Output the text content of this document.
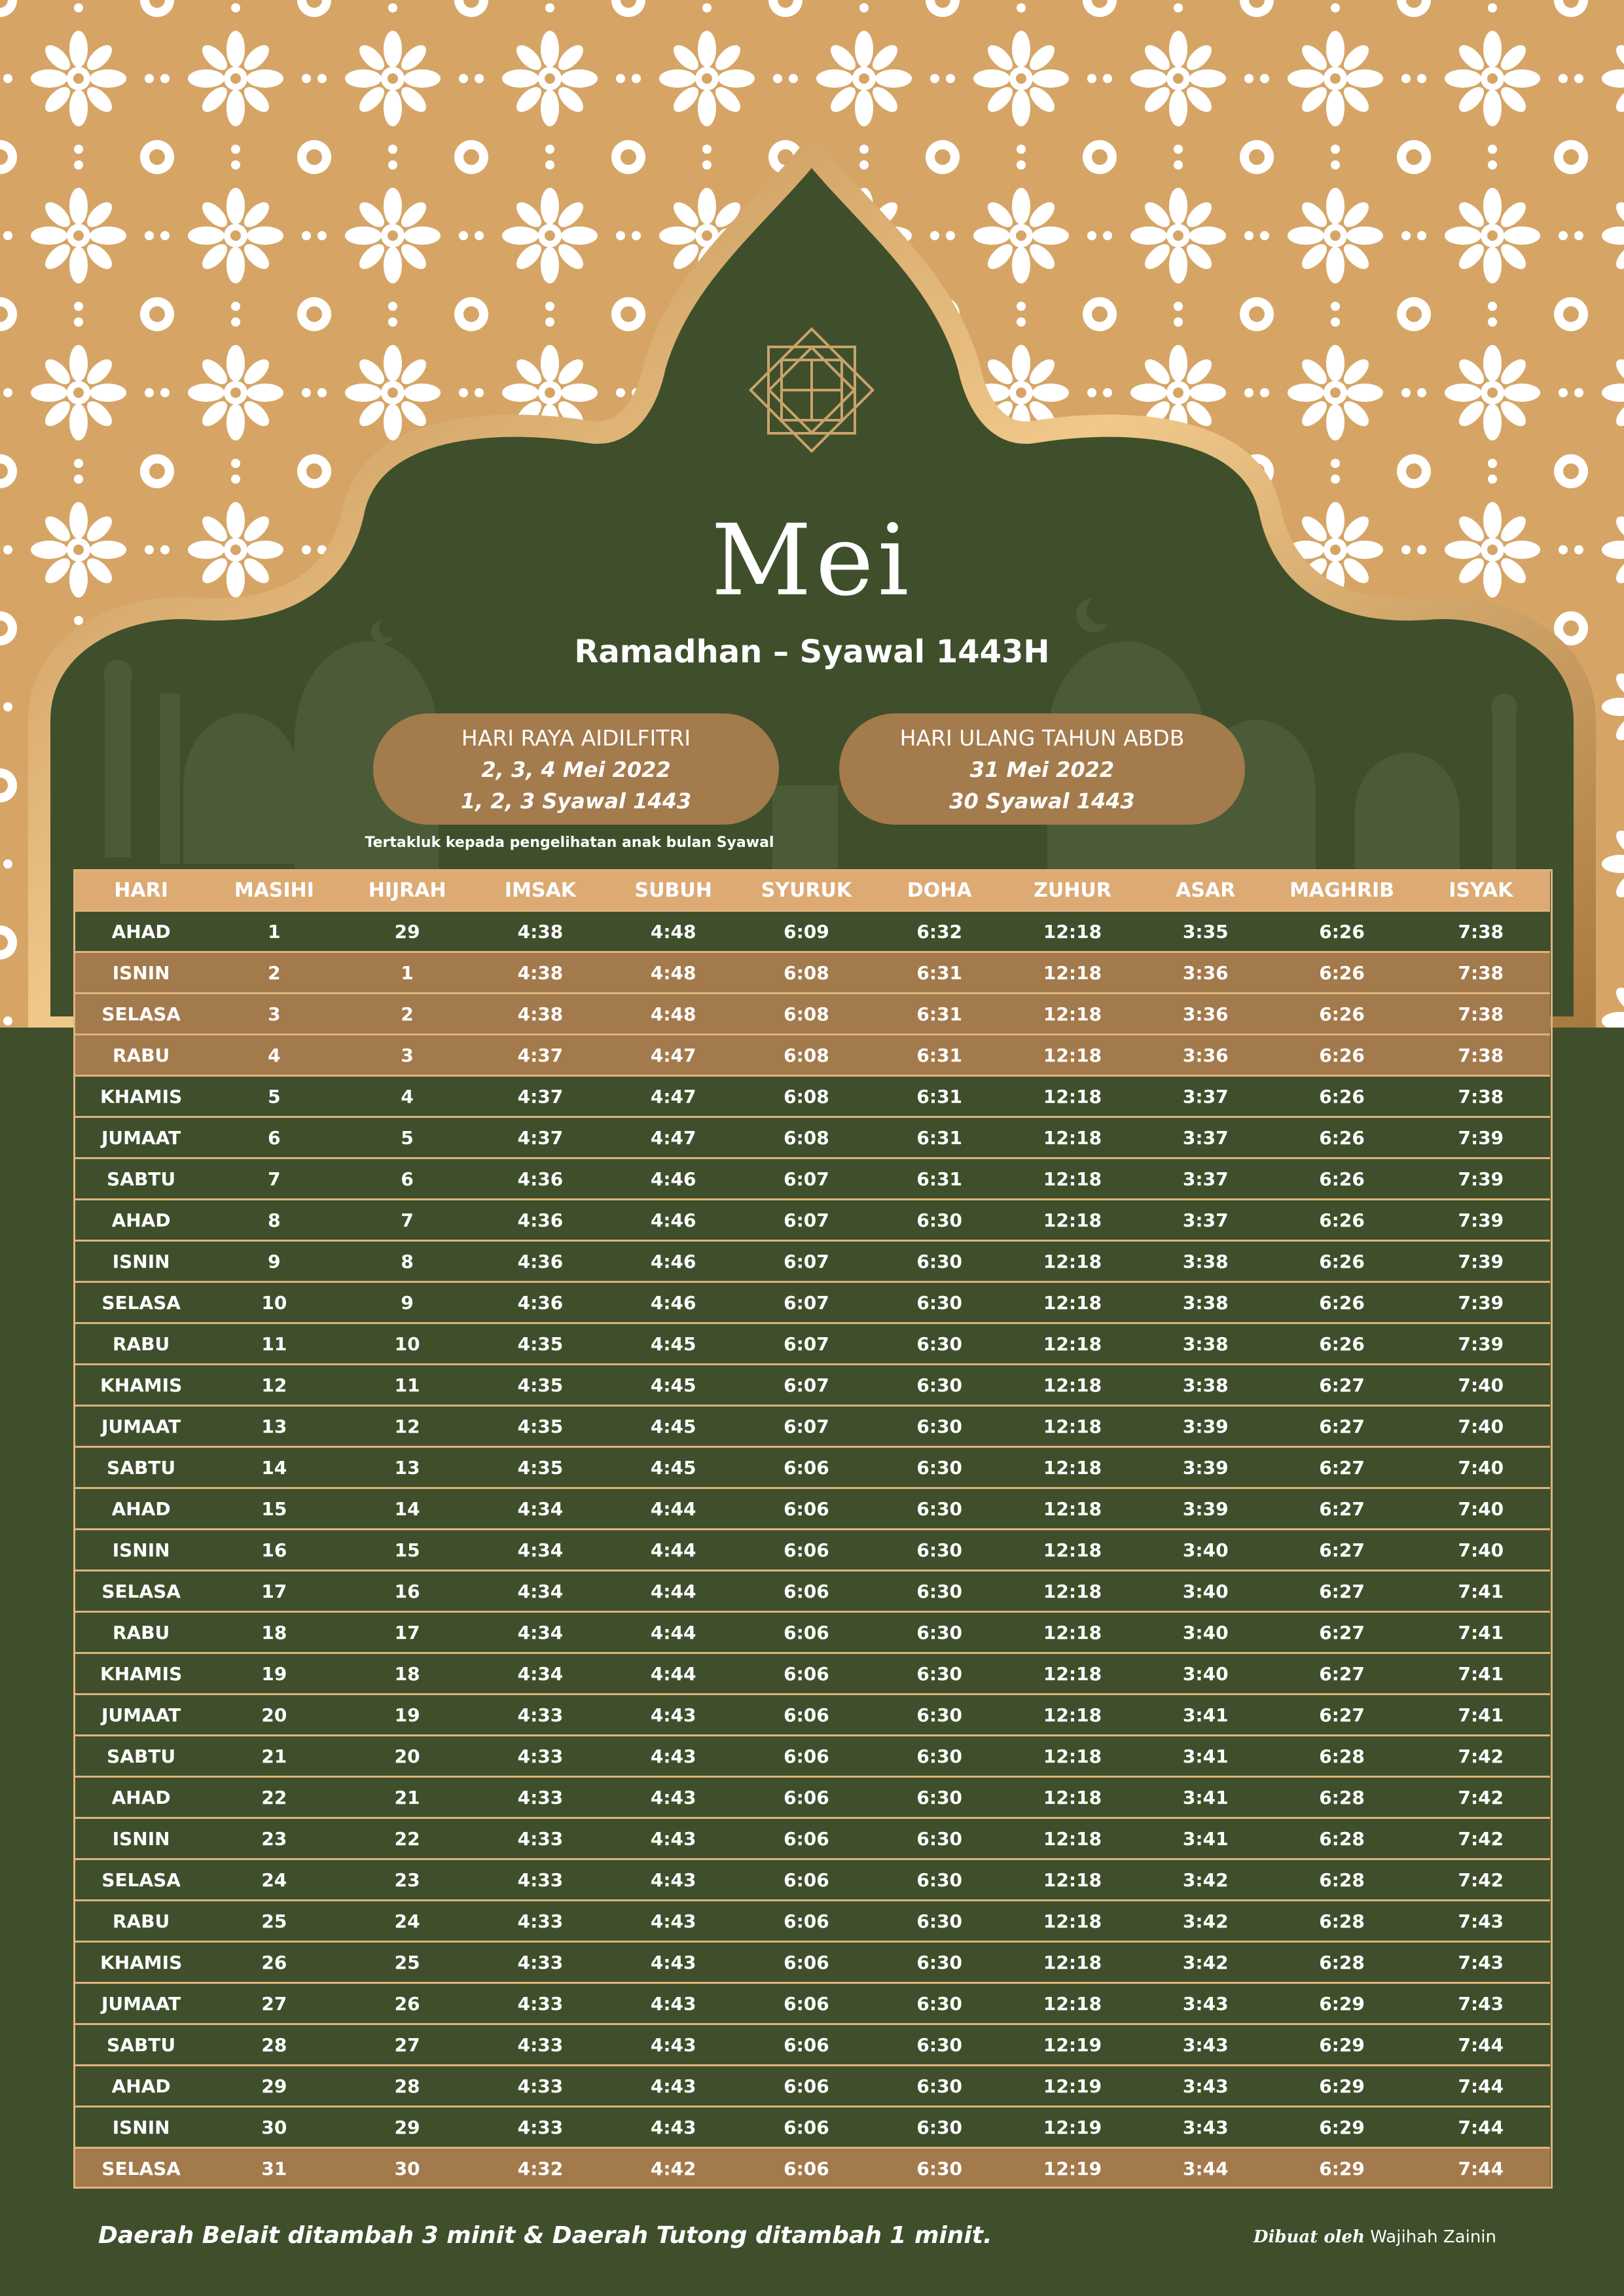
Mei
Ramadhan – Syawal 1443H
HARI RAYA AIDILFITRI
2, 3, 4 Mei 2022
1, 2, 3 Syawal 1443
HARI ULANG TAHUN ABDB
31 Mei 2022
30 Syawal 1443
Tertakluk kepada pengelihatan anak bulan Syawal
HARI	MASIHI	HIJRAH	IMSAK	SUBUH	SYURUK	DOHA	ZUHUR	ASAR	MAGHRIB	ISYAK
AHAD	1	29	4:38	4:48	6:09	6:32	12:18	3:35	6:26	7:38
ISNIN	2	1	4:38	4:48	6:08	6:31	12:18	3:36	6:26	7:38
SELASA	3	2	4:38	4:48	6:08	6:31	12:18	3:36	6:26	7:38
RABU	4	3	4:37	4:47	6:08	6:31	12:18	3:36	6:26	7:38
KHAMIS	5	4	4:37	4:47	6:08	6:31	12:18	3:37	6:26	7:38
JUMAAT	6	5	4:37	4:47	6:08	6:31	12:18	3:37	6:26	7:39
SABTU	7	6	4:36	4:46	6:07	6:31	12:18	3:37	6:26	7:39
AHAD	8	7	4:36	4:46	6:07	6:30	12:18	3:37	6:26	7:39
ISNIN	9	8	4:36	4:46	6:07	6:30	12:18	3:38	6:26	7:39
SELASA	10	9	4:36	4:46	6:07	6:30	12:18	3:38	6:26	7:39
RABU	11	10	4:35	4:45	6:07	6:30	12:18	3:38	6:26	7:39
KHAMIS	12	11	4:35	4:45	6:07	6:30	12:18	3:38	6:27	7:40
JUMAAT	13	12	4:35	4:45	6:07	6:30	12:18	3:39	6:27	7:40
SABTU	14	13	4:35	4:45	6:06	6:30	12:18	3:39	6:27	7:40
AHAD	15	14	4:34	4:44	6:06	6:30	12:18	3:39	6:27	7:40
ISNIN	16	15	4:34	4:44	6:06	6:30	12:18	3:40	6:27	7:40
SELASA	17	16	4:34	4:44	6:06	6:30	12:18	3:40	6:27	7:41
RABU	18	17	4:34	4:44	6:06	6:30	12:18	3:40	6:27	7:41
KHAMIS	19	18	4:34	4:44	6:06	6:30	12:18	3:40	6:27	7:41
JUMAAT	20	19	4:33	4:43	6:06	6:30	12:18	3:41	6:27	7:41
SABTU	21	20	4:33	4:43	6:06	6:30	12:18	3:41	6:28	7:42
AHAD	22	21	4:33	4:43	6:06	6:30	12:18	3:41	6:28	7:42
ISNIN	23	22	4:33	4:43	6:06	6:30	12:18	3:41	6:28	7:42
SELASA	24	23	4:33	4:43	6:06	6:30	12:18	3:42	6:28	7:42
RABU	25	24	4:33	4:43	6:06	6:30	12:18	3:42	6:28	7:43
KHAMIS	26	25	4:33	4:43	6:06	6:30	12:18	3:42	6:28	7:43
JUMAAT	27	26	4:33	4:43	6:06	6:30	12:18	3:43	6:29	7:43
SABTU	28	27	4:33	4:43	6:06	6:30	12:19	3:43	6:29	7:44
AHAD	29	28	4:33	4:43	6:06	6:30	12:19	3:43	6:29	7:44
ISNIN	30	29	4:33	4:43	6:06	6:30	12:19	3:43	6:29	7:44
SELASA	31	30	4:32	4:42	6:06	6:30	12:19	3:44	6:29	7:44
Daerah Belait ditambah 3 minit & Daerah Tutong ditambah 1 minit.	Dibuat oleh Wajihah Zainin
